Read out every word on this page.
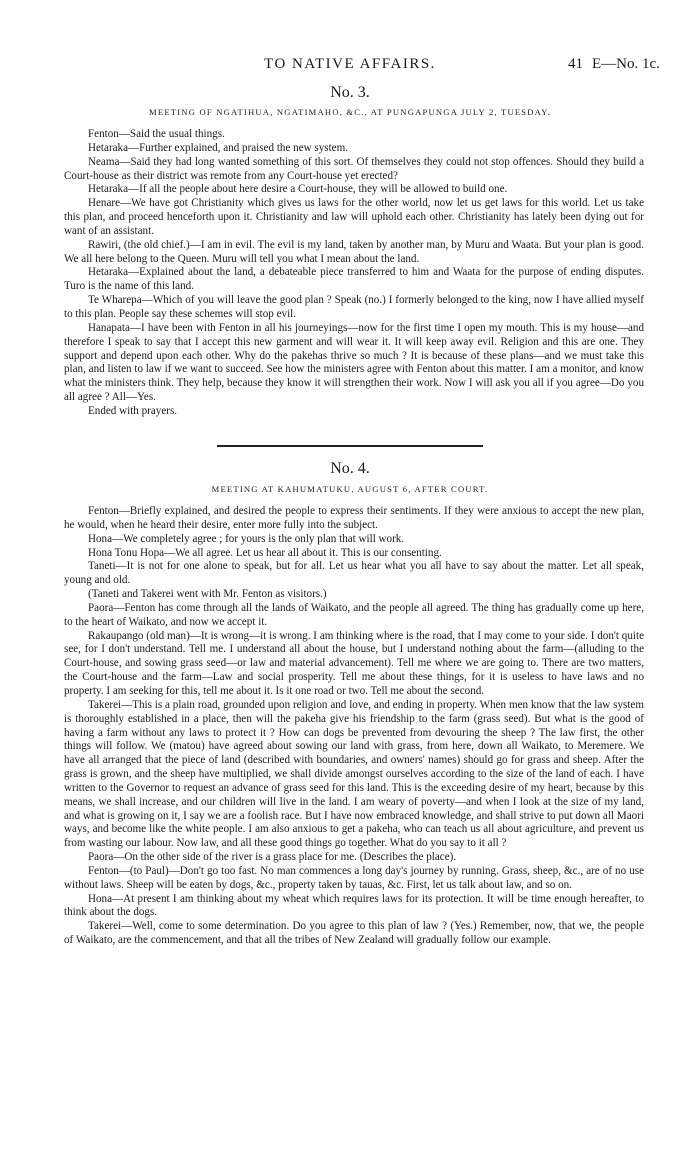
TO NATIVE AFFAIRS.	41 E—No. 1c.
No. 3.
MEETING OF NGATIHUA, NGATIMAHO, &C., AT PUNGAPUNGA JULY 2, TUESDAY.

Fenton—Said the usual things.

Hetaraka—Further explained, and praised the new system.

Neama—Said they had long wanted something of this sort. Of themselves they could not stop offences. Should they build a Court-house as their district was remote from any Court-house yet erected?

Hetaraka—If all the people about here desire a Court-house, they will be allowed to build one.

Henare—We have got Christianity which gives us laws for the other world, now let us get laws for this world. Let us take this plan, and proceed henceforth upon it. Christianity and law will uphold each other. Christianity has lately been dying out for want of an assistant.

Rawiri, (the old chief.)—I am in evil. The evil is my land, taken by another man, by Muru and Waata. But your plan is good. We all here belong to the Queen. Muru will tell you what I mean about the land.

Hetaraka—Explained about the land, a debateable piece transferred to him and Waata for the purpose of ending disputes. Turo is the name of this land.

Te Wharepa—Which of you will leave the good plan ? Speak (no.) I formerly belonged to the king, now I have allied myself to this plan. People say these schemes will stop evil.

Hanapata—I have been with Fenton in all his journeyings—now for the first time I open my mouth. This is my house—and therefore I speak to say that I accept this new garment and will wear it. It will keep away evil. Religion and this are one. They support and depend upon each other. Why do the pakehas thrive so much ? It is because of these plans—and we must take this plan, and listen to law if we want to succeed. See how the ministers agree with Fenton about this matter. I am a monitor, and know what the ministers think. They help, because they know it will strengthen their work. Now I will ask you all if you agree—Do you all agree ? All—Yes.

Ended with prayers.

No. 4.
MEETING AT KAHUMATUKU, AUGUST 6, AFTER COURT.

Fenton—Briefly explained, and desired the people to express their sentiments. If they were anxious to accept the new plan, he would, when he heard their desire, enter more fully into the subject.

Hona—We completely agree ; for yours is the only plan that will work.

Hona Tonu Hopa—We all agree. Let us hear all about it. This is our consenting.

Taneti—It is not for one alone to speak, but for all. Let us hear what you all have to say about the matter. Let all speak, young and old.

(Taneti and Takerei went with Mr. Fenton as visitors.)

Paora—Fenton has come through all the lands of Waikato, and the people all agreed. The thing has gradually come up here, to the heart of Waikato, and now we accept it.

Rakaupango (old man)—It is wrong—it is wrong. I am thinking where is the road, that I may come to your side. I don't quite see, for I don't understand. Tell me. I understand all about the house, but I understand nothing about the farm—(alluding to the Court-house, and sowing grass seed—or law and material advancement). Tell me where we are going to. There are two matters, the Court-house and the farm—Law and social prosperity. Tell me about these things, for it is useless to have laws and no property. I am seeking for this, tell me about it. Is it one road or two. Tell me about the second.

Takerei—This is a plain road, grounded upon religion and love, and ending in property. When men know that the law system is thoroughly established in a place, then will the pakeha give his friendship to the farm (grass seed). But what is the good of having a farm without any laws to protect it ? How can dogs be prevented from devouring the sheep ? The law first, the other things will follow. We (matou) have agreed about sowing our land with grass, from here, down all Waikato, to Meremere. We have all arranged that the piece of land (described with boundaries, and owners' names) should go for grass and sheep. After the grass is grown, and the sheep have multiplied, we shall divide amongst ourselves according to the size of the land of each. I have written to the Governor to request an advance of grass seed for this land. This is the exceeding desire of my heart, because by this means, we shall increase, and our children will live in the land. I am weary of poverty—and when I look at the size of my land, and what is growing on it, I say we are a foolish race. But I have now embraced knowledge, and shall strive to put down all Maori ways, and become like the white people. I am also anxious to get a pakeha, who can teach us all about agriculture, and prevent us from wasting our labour. Now law, and all these good things go together. What do you say to it all ?

Paora—On the other side of the river is a grass place for me. (Describes the place).

Fenton—(to Paul)—Don't go too fast. No man commences a long day's journey by running. Grass, sheep, &c., are of no use without laws. Sheep will be eaten by dogs, &c., property taken by tauas, &c. First, let us talk about law, and so on.

Hona—At present I am thinking about my wheat which requires laws for its protection. It will be time enough hereafter, to think about the dogs.

Takerei—Well, come to some determination. Do you agree to this plan of law ? (Yes.) Remember, now, that we, the people of Waikato, are the commencement, and that all the tribes of New Zealand will gradually follow our example.
